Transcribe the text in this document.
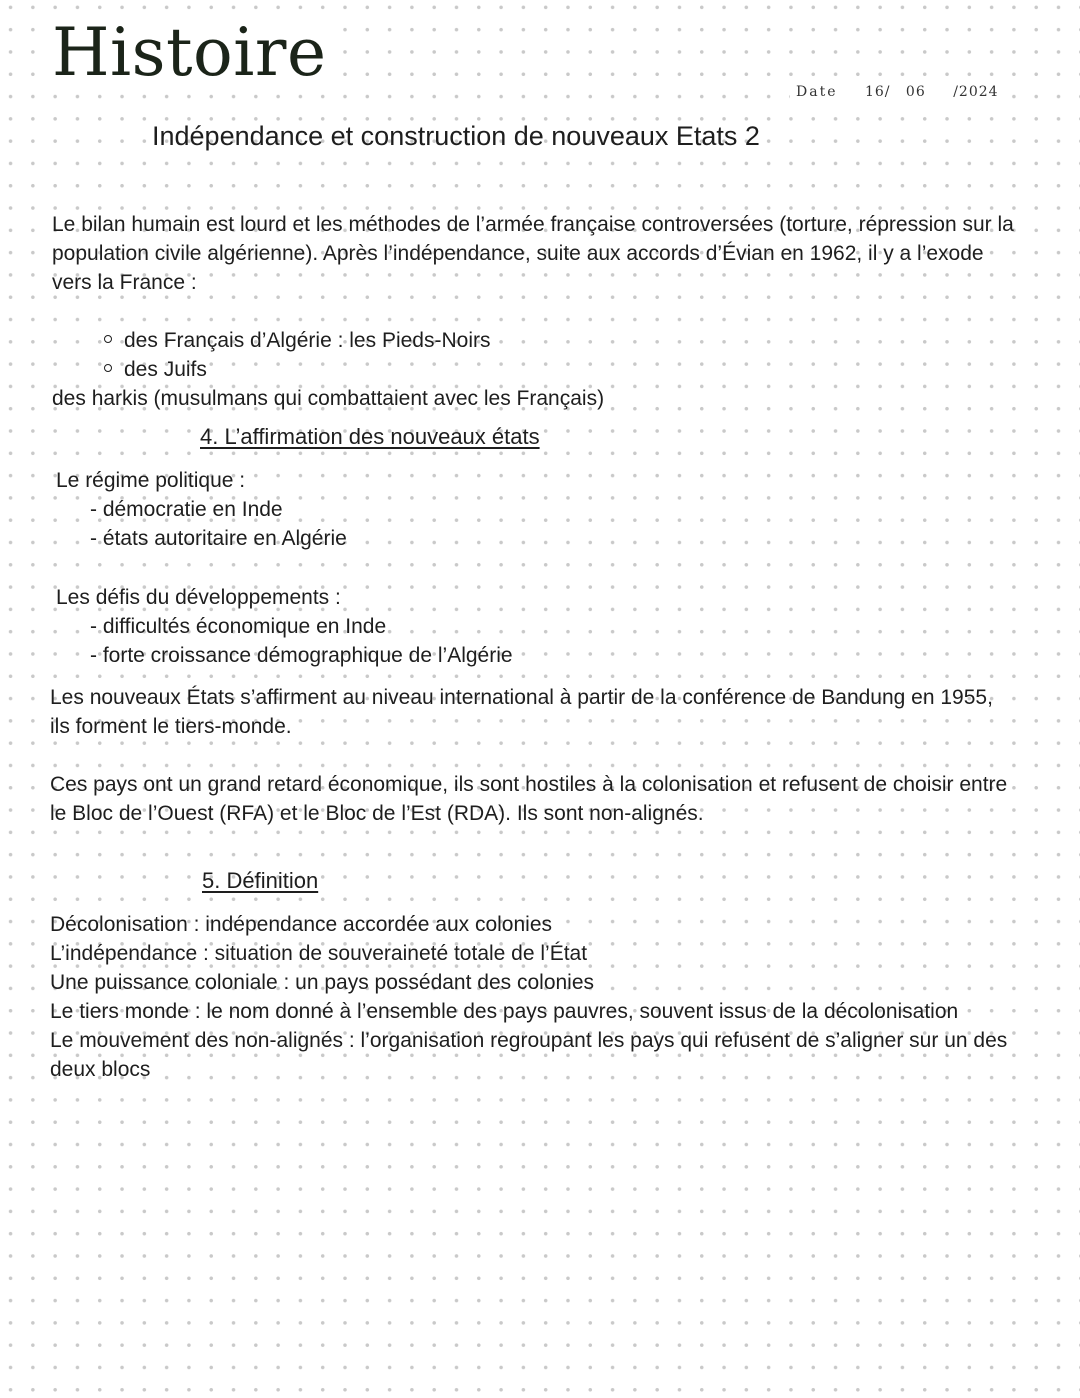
Histoire
Date 16/ 06 /2024
Indépendance et construction de nouveaux Etats 2
Le bilan humain est lourd et les méthodes de l’armée française controversées (torture, répression sur la
population civile algérienne). Après l’indépendance, suite aux accords d’Évian en 1962, il y a l’exode
vers la France :
des Français d’Algérie : les Pieds-Noirs
des Juifs
des harkis (musulmans qui combattaient avec les Français)
4. L’affirmation des nouveaux états
Le régime politique :
- démocratie en Inde
- états autoritaire en Algérie
Les défis du développements :
- difficultés économique en Inde
- forte croissance démographique de l’Algérie
Les nouveaux États s’affirment au niveau international à partir de la conférence de Bandung en 1955,
ils forment le tiers-monde.
Ces pays ont un grand retard économique, ils sont hostiles à la colonisation et refusent de choisir entre
le Bloc de l’Ouest (RFA) et le Bloc de l’Est (RDA). Ils sont non-alignés.
5. Définition
Décolonisation : indépendance accordée aux colonies
L’indépendance : situation de souveraineté totale de l’État
Une puissance coloniale : un pays possédant des colonies
Le tiers monde : le nom donné à l’ensemble des pays pauvres, souvent issus de la décolonisation
Le mouvement des non-alignés : l’organisation regroupant les pays qui refusent de s’aligner sur un des
deux blocs
